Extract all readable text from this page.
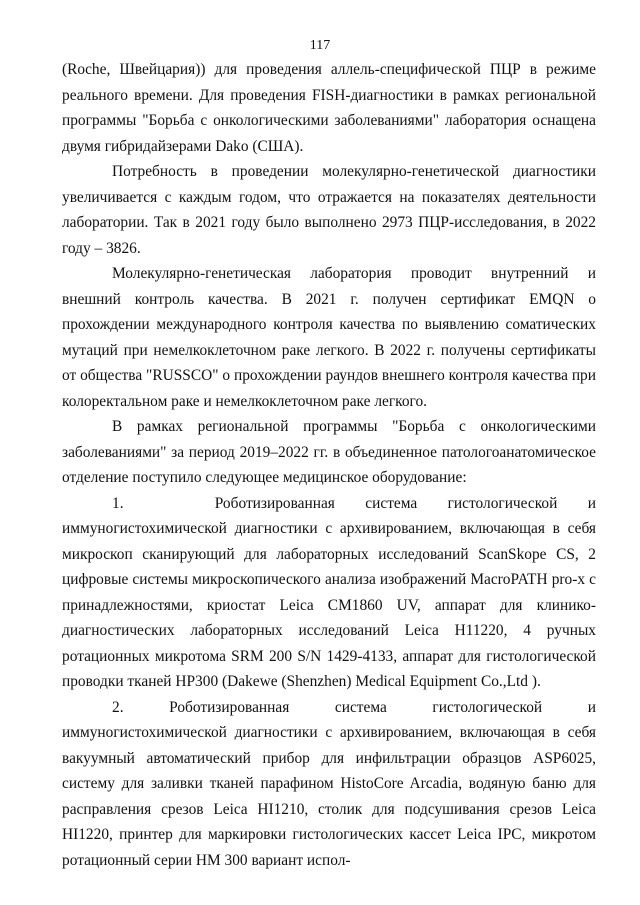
117

(Roche, Швейцария)) для проведения аллель-специфической ПЦР в режиме реального времени. Для проведения FISH-диагностики в рамках региональной программы "Борьба с онкологическими заболеваниями" лаборатория оснащена двумя гибридайзерами Dako (США).

Потребность в проведении молекулярно-генетической диагностики увеличивается с каждым годом, что отражается на показателях деятельности лаборатории. Так в 2021 году было выполнено 2973 ПЦР-исследования, в 2022 году – 3826.

Молекулярно-генетическая лаборатория проводит внутренний и внешний контроль качества. В 2021 г. получен сертификат EMQN о прохождении международного контроля качества по выявлению соматических мутаций при немелкоклеточном раке легкого. В 2022 г. получены сертификаты от общества "RUSSCO" о прохождении раундов внешнего контроля качества при колоректальном раке и немелкоклеточном раке легкого.

В рамках региональной программы "Борьба с онкологическими заболеваниями" за период 2019–2022 гг. в объединенное патологоанатомическое отделение поступило следующее медицинское оборудование:

1.   Роботизированная система гистологической и иммуногистохимической диагностики с архивированием, включающая в себя микроскоп сканирующий для лабораторных исследований ScanSkope CS, 2 цифровые системы микроскопического анализа изображений MacroPATH pro-x с принадлежностями, криостат Leica CM1860 UV, аппарат для клинико-диагностических лабораторных исследований Leica H11220, 4 ручных ротационных микротома SRM 200 S/N 1429-4133, аппарат для гистологической проводки тканей HP300 (Dakewe (Shenzhen) Medical Equipment Co.,Ltd ).

2. Роботизированная система гистологической и иммуногистохимической диагностики с архивированием, включающая в себя вакуумный автоматический прибор для инфильтрации образцов ASP6025, систему для заливки тканей парафином HistoCore Arcadia, водяную баню для расправления срезов Leica HI1210, столик для подсушивания срезов Leica HI1220, принтер для маркировки гистологических кассет Leica IPC, микротом ротационный серии HM 300 вариант испол-
